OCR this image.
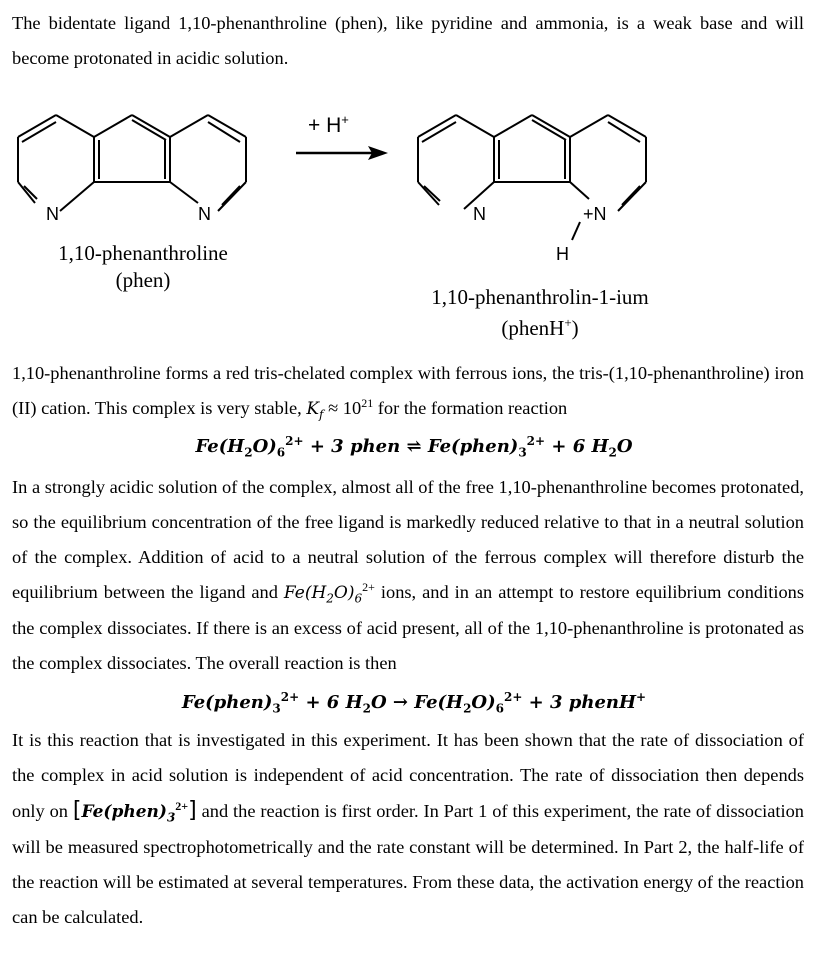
The bidentate ligand 1,10-phenanthroline (phen), like pyridine and ammonia, is a weak base and will become protonated in acidic solution.

N	N
+ H+
N	+N
H
1,10-phenanthroline
(phen)
1,10-phenanthrolin-1-ium
(phenH+)

1,10-phenanthroline forms a red tris-chelated complex with ferrous ions, the tris-(1,10-phenanthroline) iron (II) cation. This complex is very stable, $K_f \approx 10^{21}$ for the formation reaction

$Fe(H_2O)_6^{2+} + 3$ phen ⇌ $Fe(phen)_3^{2+} + 6$ $H_2O$

In a strongly acidic solution of the complex, almost all of the free 1,10-phenanthroline becomes protonated, so the equilibrium concentration of the free ligand is markedly reduced relative to that in a neutral solution of the complex. Addition of acid to a neutral solution of the ferrous complex will therefore disturb the equilibrium between the ligand and $Fe(H_2O)_6^{2+}$ ions, and in an attempt to restore equilibrium conditions the complex dissociates. If there is an excess of acid present, all of the 1,10-phenanthroline is protonated as the complex dissociates. The overall reaction is then

$Fe(phen)_3^{2+} + 6$ $H_2O \to Fe(H_2O)_6^{2+} + 3$ phenH+

It is this reaction that is investigated in this experiment. It has been shown that the rate of dissociation of the complex in acid solution is independent of acid concentration. The rate of dissociation then depends only on $[Fe(phen)_3^{2+}]$ and the reaction is first order. In Part 1 of this experiment, the rate of dissociation will be measured spectrophotometrically and the rate constant will be determined. In Part 2, the half-life of the reaction will be estimated at several temperatures. From these data, the activation energy of the reaction can be calculated.
